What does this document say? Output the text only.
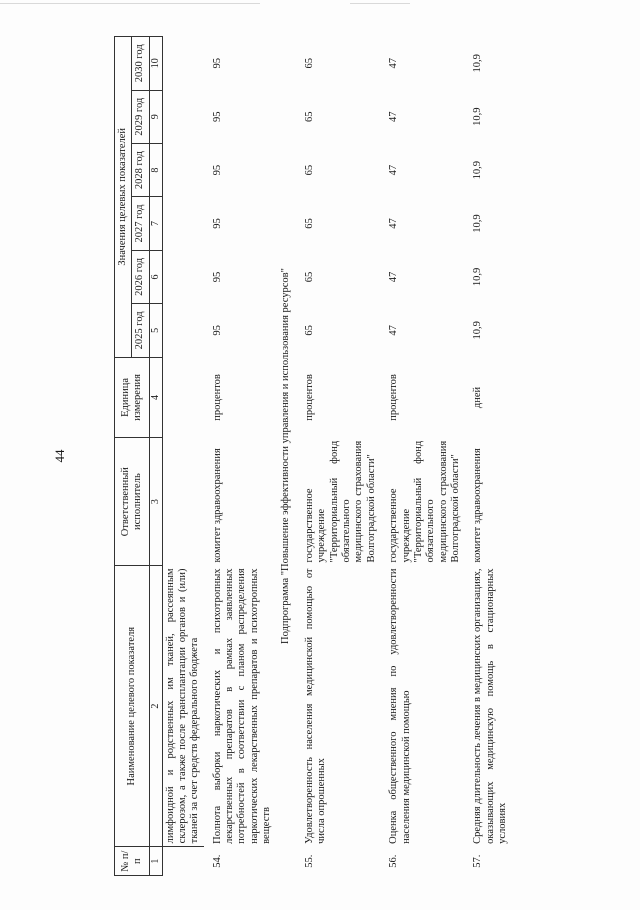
44
№ п/п	Наименование целевого показателя	Ответственный исполнитель	Единица измерения	Значения целевых показателей					
				2025 год	2026 год	2027 год	2028 год	2029 год	2030 год
1	2	3	4	5	6	7	8	9	10
	лимфоидной и родственных им тканей, рассеянным склерозом, а также после трансплантации органов и (или) тканей за счет средств федерального бюджета								
54.	Полнота выборки наркотических и психотропных лекарственных препаратов в рамках заявленных потребностей в соответствии с планом распределения наркотических лекарственных препаратов и психотропных веществ	комитет здравоохранения	процентов	95	95	95	95	95	95
Подпрограмма "Повышение эффективности управления и использования ресурсов"									
55.	Удовлетворенность населения медицинской помощью от числа опрошенных	государственное учреждение "Территориальный фонд обязательного медицинского страхования Волгоградской области"	процентов	65	65	65	65	65	65
56.	Оценка общественного мнения по удовлетворенности населения медицинской помощью	государственное учреждение "Территориальный фонд обязательного медицинского страхования Волгоградской области"	процентов	47	47	47	47	47	47
57.	Средняя длительность лечения в медицинских организациях, оказывающих медицинскую помощь в стационарных условиях	комитет здравоохранения	дней	10,9	10,9	10,9	10,9	10,9	10,9
